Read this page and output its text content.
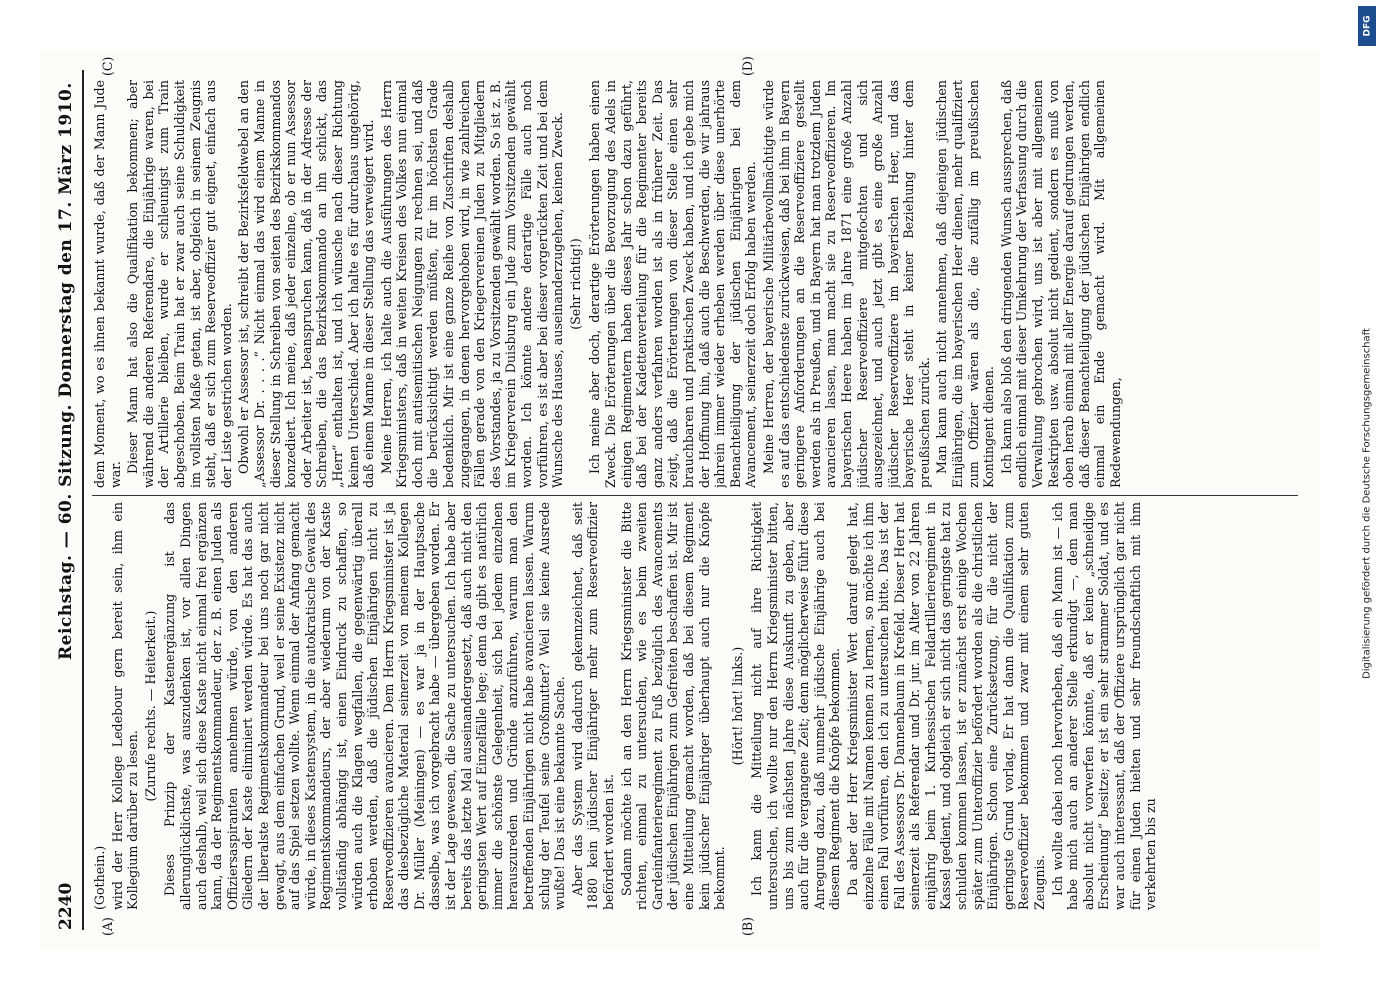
2240
Reichstag. — 60. Sitzung. Donnerstag den 17. März 1910.
(A)	(B)
(C)	(D)

(Gothein.) wird der Herr Kollege Ledebour gern bereit sein, ihm ein Kollegium darüber zu lesen.

(Zurufe rechts. — Heiterkeit.) Dieses Prinzip der Kastenergänzung ist das allerunglücklichste, was auszudenken ist, vor allen Dingen auch deshalb, weil sich diese Kaste nicht einmal frei ergänzen kann, da der Regimentskommandeur, der z. B. einen Juden als Offiziersaspiranten annehmen würde, von den anderen Gliedern der Kaste eliminiert werden würde. Es hat das auch der liberalste Regimentskommandeur bei uns noch gar nicht gewagt, aus dem einfachen Grund, weil er seine Existenz nicht auf das Spiel setzen wollte. Wenn einmal der Anfang gemacht würde, in dieses Kastensystem, in die autokratische Gewalt des Regimentskommandeurs, der aber wiederum von der Kaste vollständig abhängig ist, einen Eindruck zu schaffen, so würden auch die Klagen wegfallen, die gegenwärtig überall erhoben werden, daß die jüdischen Einjährigen nicht zu Reserveoffizieren avancieren. Dem Herrn Kriegsminister ist ja das diesbezügliche Material seinerzeit von meinem Kollegen Dr. Müller (Meiningen) — es war ja in der Hauptsache dasselbe, was ich vorgebracht habe — übergeben worden. Er ist der Lage gewesen, die Sache zu untersuchen. Ich habe aber bereits das letzte Mal auseinandergesetzt, daß auch nicht den geringsten Wert auf Einzelfälle lege; denn da gibt es natürlich immer die schönste Gelegenheit, sich bei jedem einzelnen herauszureden und Gründe anzuführen, warum man den betreffenden Einjährigen nicht habe avancieren lassen. Warum schlug der Teufel seine Großmutter? Weil sie keine Ausrede wußte! Das ist eine bekannte Sache. Aber das System wird dadurch gekennzeichnet, daß seit 1880 kein jüdischer Einjähriger mehr zum Reserveoffizier befördert worden ist. Sodann möchte ich an den Herrn Kriegsminister die Bitte richten, einmal zu untersuchen, wie es beim zweiten Gardeinfanterieregiment zu Fuß bezüglich des Avancements der jüdischen Einjährigen zum Gefreiten beschaffen ist. Mir ist eine Mitteilung gemacht worden, daß bei diesem Regiment kein jüdischer Einjähriger überhaupt auch nur die Knöpfe bekommt.

(Hört! hört! links.) Ich kann die Mitteilung nicht auf ihre Richtigkeit untersuchen, ich wollte nur den Herrn Kriegsminister bitten, uns bis zum nächsten Jahre diese Auskunft zu geben, aber auch für die vergangene Zeit; denn möglicherweise führt diese Anregung dazu, daß nunmehr jüdische Einjährige auch bei diesem Regiment die Knöpfe bekommen. Da aber der Herr Kriegsminister Wert darauf gelegt hat, einzelne Fälle mit Namen kennen zu lernen, so möchte ich ihm einen Fall vorführen, den ich zu untersuchen bitte. Das ist der Fall des Assessors Dr. Dannenbaum in Krefeld. Dieser Herr hat seinerzeit als Referendar und Dr. jur. im Alter von 22 Jahren einjährig beim 1. Kurhessischen Feldartillerieregiment in Kassel gedient, und obgleich er sich nicht das geringste hat zu schulden kommen lassen, ist er zunächst erst einige Wochen später zum Unteroffizier befördert worden als die christlichen Einjährigen. Schon eine Zurücksetzung, für die nicht der geringste Grund vorlag. Er hat dann die Qualifikation zum Reserveoffizier bekommen und zwar mit einem sehr guten Zeugnis. Ich wollte dabei noch hervorheben, daß ein Mann ist — ich habe mich auch an anderer Stelle erkundigt —, dem man absolut nicht vorwerfen könnte, daß er keine „schneidige Erscheinung“ besitze; er ist ein sehr strammer Soldat, und es war auch interessant, daß der Offiziere ursprünglich gar nicht für einen Juden hielten und sehr freundschaftlich mit ihm verkehrten bis zu

dem Moment, wo es ihnen bekannt wurde, daß der Mann Jude war.

Dieser Mann hat also die Qualifikation bekommen; aber während die anderen Referendare, die Einjährige waren, bei der Artillerie bleiben, wurde er schleunigst zum Train abgeschoben. Beim Train hat er zwar auch seine Schuldigkeit im vollsten Maße getan, ist aber, obgleich in seinem Zeugnis steht, daß er sich zum Reserveoffizier gut eignet, einfach aus der Liste gestrichen worden. Obwohl er Assessor ist, schreibt der Bezirksfeldwebel an den „Assessor Dr. . . . .“ Nicht einmal das wird einem Manne in dieser Stellung in Schreiben von seiten des Bezirkskommandos konzediert. Ich meine, daß jeder einzelne, ob er nun Assessor oder Arbeiter ist, beanspruchen kann, daß in der Adresse der Schreiben, die das Bezirkskommando an ihn schickt, das „Herr“ enthalten ist, und ich wünsche nach dieser Richtung keinen Unterschied. Aber ich halte es für durchaus ungehörig, daß einem Manne in dieser Stellung das verweigert wird. Meine Herren, ich halte auch die Ausführungen des Herrn Kriegsministers, daß in weiten Kreisen des Volkes nun einmal doch mit antisemitischen Neigungen zu rechnen sei, und daß die berücksichtigt werden müßten, für im höchsten Grade bedenklich. Mir ist eine ganze Reihe von Zuschriften deshalb zugegangen, in denen hervorgehoben wird, in wie zahlreichen Fällen gerade von den Kriegervereinen Juden zu Mitgliedern des Vorstandes, ja zu Vorsitzenden gewählt worden. So ist z. B. im Kriegerverein Duisburg ein Jude zum Vorsitzenden gewählt worden. Ich könnte andere derartige Fälle auch noch vorführen, es ist aber bei dieser vorgerückten Zeit und bei dem Wunsche des Hauses, auseinanderzugehen, keinen Zweck. (Sehr richtig!) Ich meine aber doch, derartige Erörterungen haben einen Zweck. Die Erörterungen über die Bevorzugung des Adels in einigen Regimentern haben dieses Jahr schon dazu geführt, daß bei der Kadettenverteilung für die Regimenter bereits ganz anders verfahren worden ist als in früherer Zeit. Das zeigt, daß die Erörterungen von dieser Stelle einen sehr brauchbaren und praktischen Zweck haben, und ich gebe mich der Hoffnung hin, daß auch die Beschwerden, die wir jahraus jahrein immer wieder erheben werden über diese unerhörte Benachteiligung der jüdischen Einjährigen bei dem Avancement, seinerzeit doch Erfolg haben werden. Meine Herren, der bayerische Militärbevollmächtigte würde es auf das entschiedenste zurückweisen, daß bei ihm in Bayern geringere Anforderungen an die Reserveoffiziere gestellt werden als in Preußen, und in Bayern hat man trotzdem Juden avancieren lassen, man macht sie zu Reserveoffizieren. Im bayerischen Heere haben im Jahre 1871 eine große Anzahl jüdischer Reserveoffiziere mitgefochten und sich ausgezeichnet, und auch jetzt gibt es eine große Anzahl jüdischer Reserveoffiziere im bayerischen Heer, und das bayerische Heer steht in keiner Beziehung hinter dem preußischen zurück. Man kann auch nicht annehmen, daß diejenigen jüdischen Einjährigen, die im bayerischen Heer dienen, mehr qualifiziert zum Offizier wären als die, die zufällig im preußischen Kontingent dienen. Ich kann also bloß den dringenden Wunsch aussprechen, daß endlich einmal mit dieser Umkehrung der Verfassung durch die Verwaltung gebrochen wird, uns ist aber mit allgemeinen Reskripten usw. absolut nicht gedient, sondern es muß von oben herab einmal mit aller Energie darauf gedrungen werden, daß dieser Benachteiligung der jüdischen Einjährigen endlich einmal ein Ende gemacht wird. Mit allgemeinen Redewendungen,	Digitalisierung gefördert durch die Deutsche Forschungsgemeinschaft
DFG
